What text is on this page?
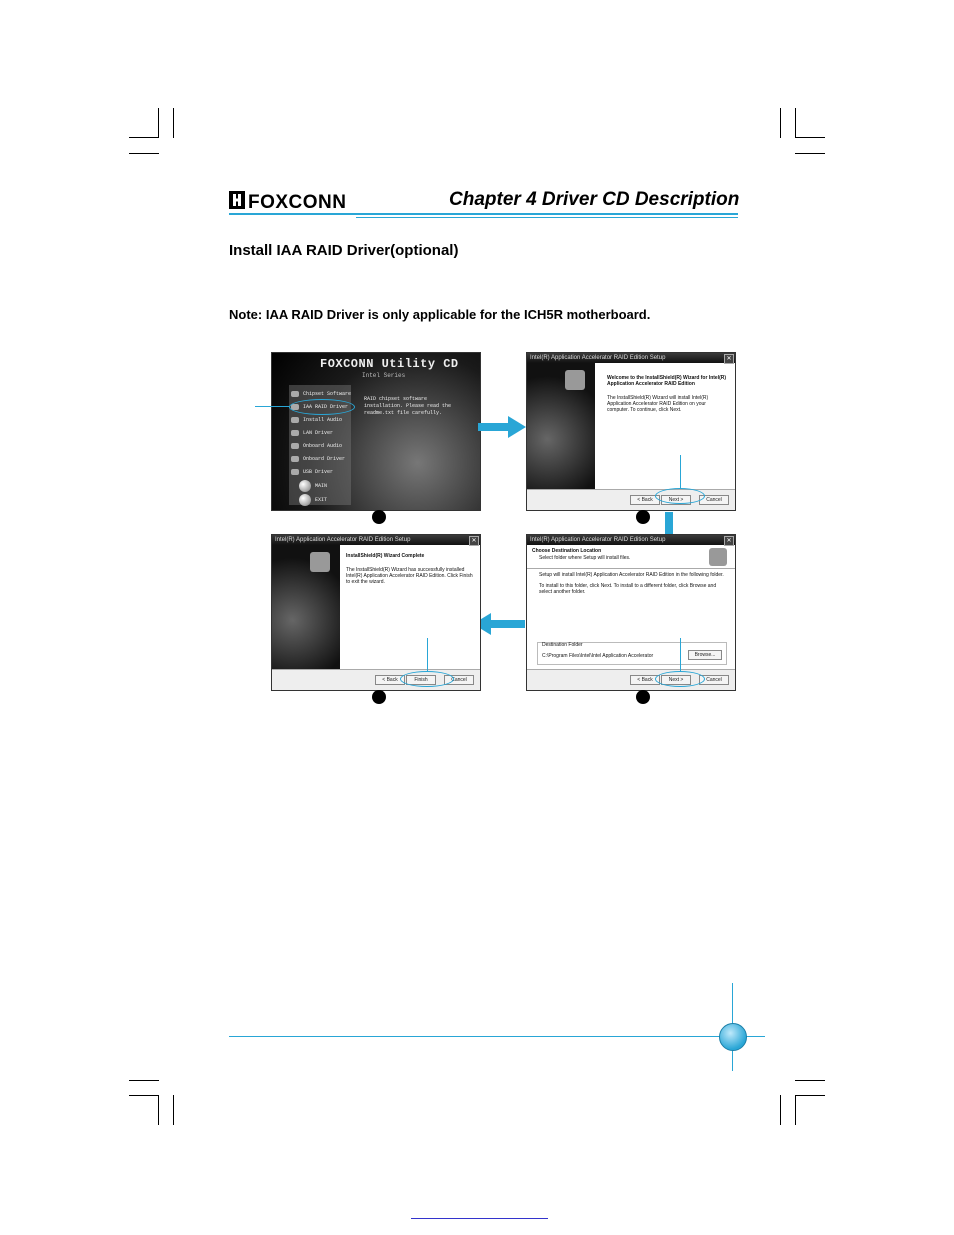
FOXCONN	Chapter 4 Driver CD Description
Install IAA RAID Driver(optional)
Note: IAA RAID Driver is only applicable for the ICH5R motherboard.
FOXCONN Utility CD
Intel Series
Chipset Software
IAA RAID Driver
Install Audio
LAN Driver
Onboard Audio
Onboard Driver
USB Driver
MAIN
EXIT
RAID chipset software installation. Please read the readme.txt file carefully.
Intel(R) Application Accelerator RAID Edition Setup	✕
Welcome to the InstallShield(R) Wizard for Intel(R) Application Accelerator RAID Edition
The InstallShield(R) Wizard will install Intel(R) Application Accelerator RAID Edition on your computer. To continue, click Next.
< Back	Next >	Cancel
Intel(R) Application Accelerator RAID Edition Setup	✕
Choose Destination Location
Select folder where Setup will install files.
Setup will install Intel(R) Application Accelerator RAID Edition in the following folder.
To install to this folder, click Next. To install to a different folder, click Browse and select another folder.
Destination Folder
C:\Program Files\Intel\Intel Application Accelerator	Browse...
< Back	Next >	Cancel
Intel(R) Application Accelerator RAID Edition Setup	✕
InstallShield(R) Wizard Complete
The InstallShield(R) Wizard has successfully installed Intel(R) Application Accelerator RAID Edition. Click Finish to exit the wizard.
< Back	Finish	Cancel
